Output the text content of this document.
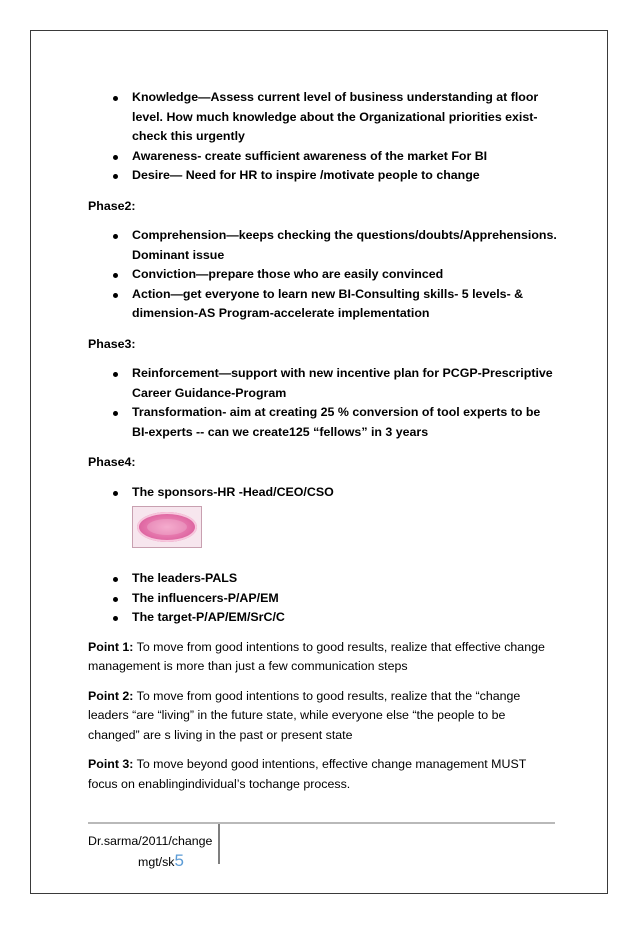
Knowledge—Assess current level of business understanding at floor level. How much knowledge about the Organizational priorities exist- check this urgently
Awareness- create sufficient awareness of the market For BI
Desire— Need for HR to inspire /motivate people to change
Phase2:
Comprehension—keeps checking the questions/doubts/Apprehensions. Dominant issue
Conviction—prepare those who are easily convinced
Action—get everyone to learn new BI-Consulting skills- 5 levels- & dimension-AS Program-accelerate implementation
Phase3:
Reinforcement—support with new incentive plan for PCGP-Prescriptive Career Guidance-Program
Transformation- aim at creating 25 % conversion of tool experts to be BI-experts -- can we create125 “fellows” in 3 years
Phase4:
The sponsors-HR -Head/CEO/CSO
The leaders-PALS
The influencers-P/AP/EM
The target-P/AP/EM/SrC/C

Point 1: To move from good intentions to good results, realize that effective change management is more than just a few communication steps

Point 2: To move from good intentions to good results, realize that the “change leaders “are “living” in the future state, while everyone else “the people to be changed” are s living in the past or present state

Point 3: To move beyond good intentions, effective change management MUST focus on enablingindividual’s tochange process.

Dr.sarma/2011/change
mgt/sk5
